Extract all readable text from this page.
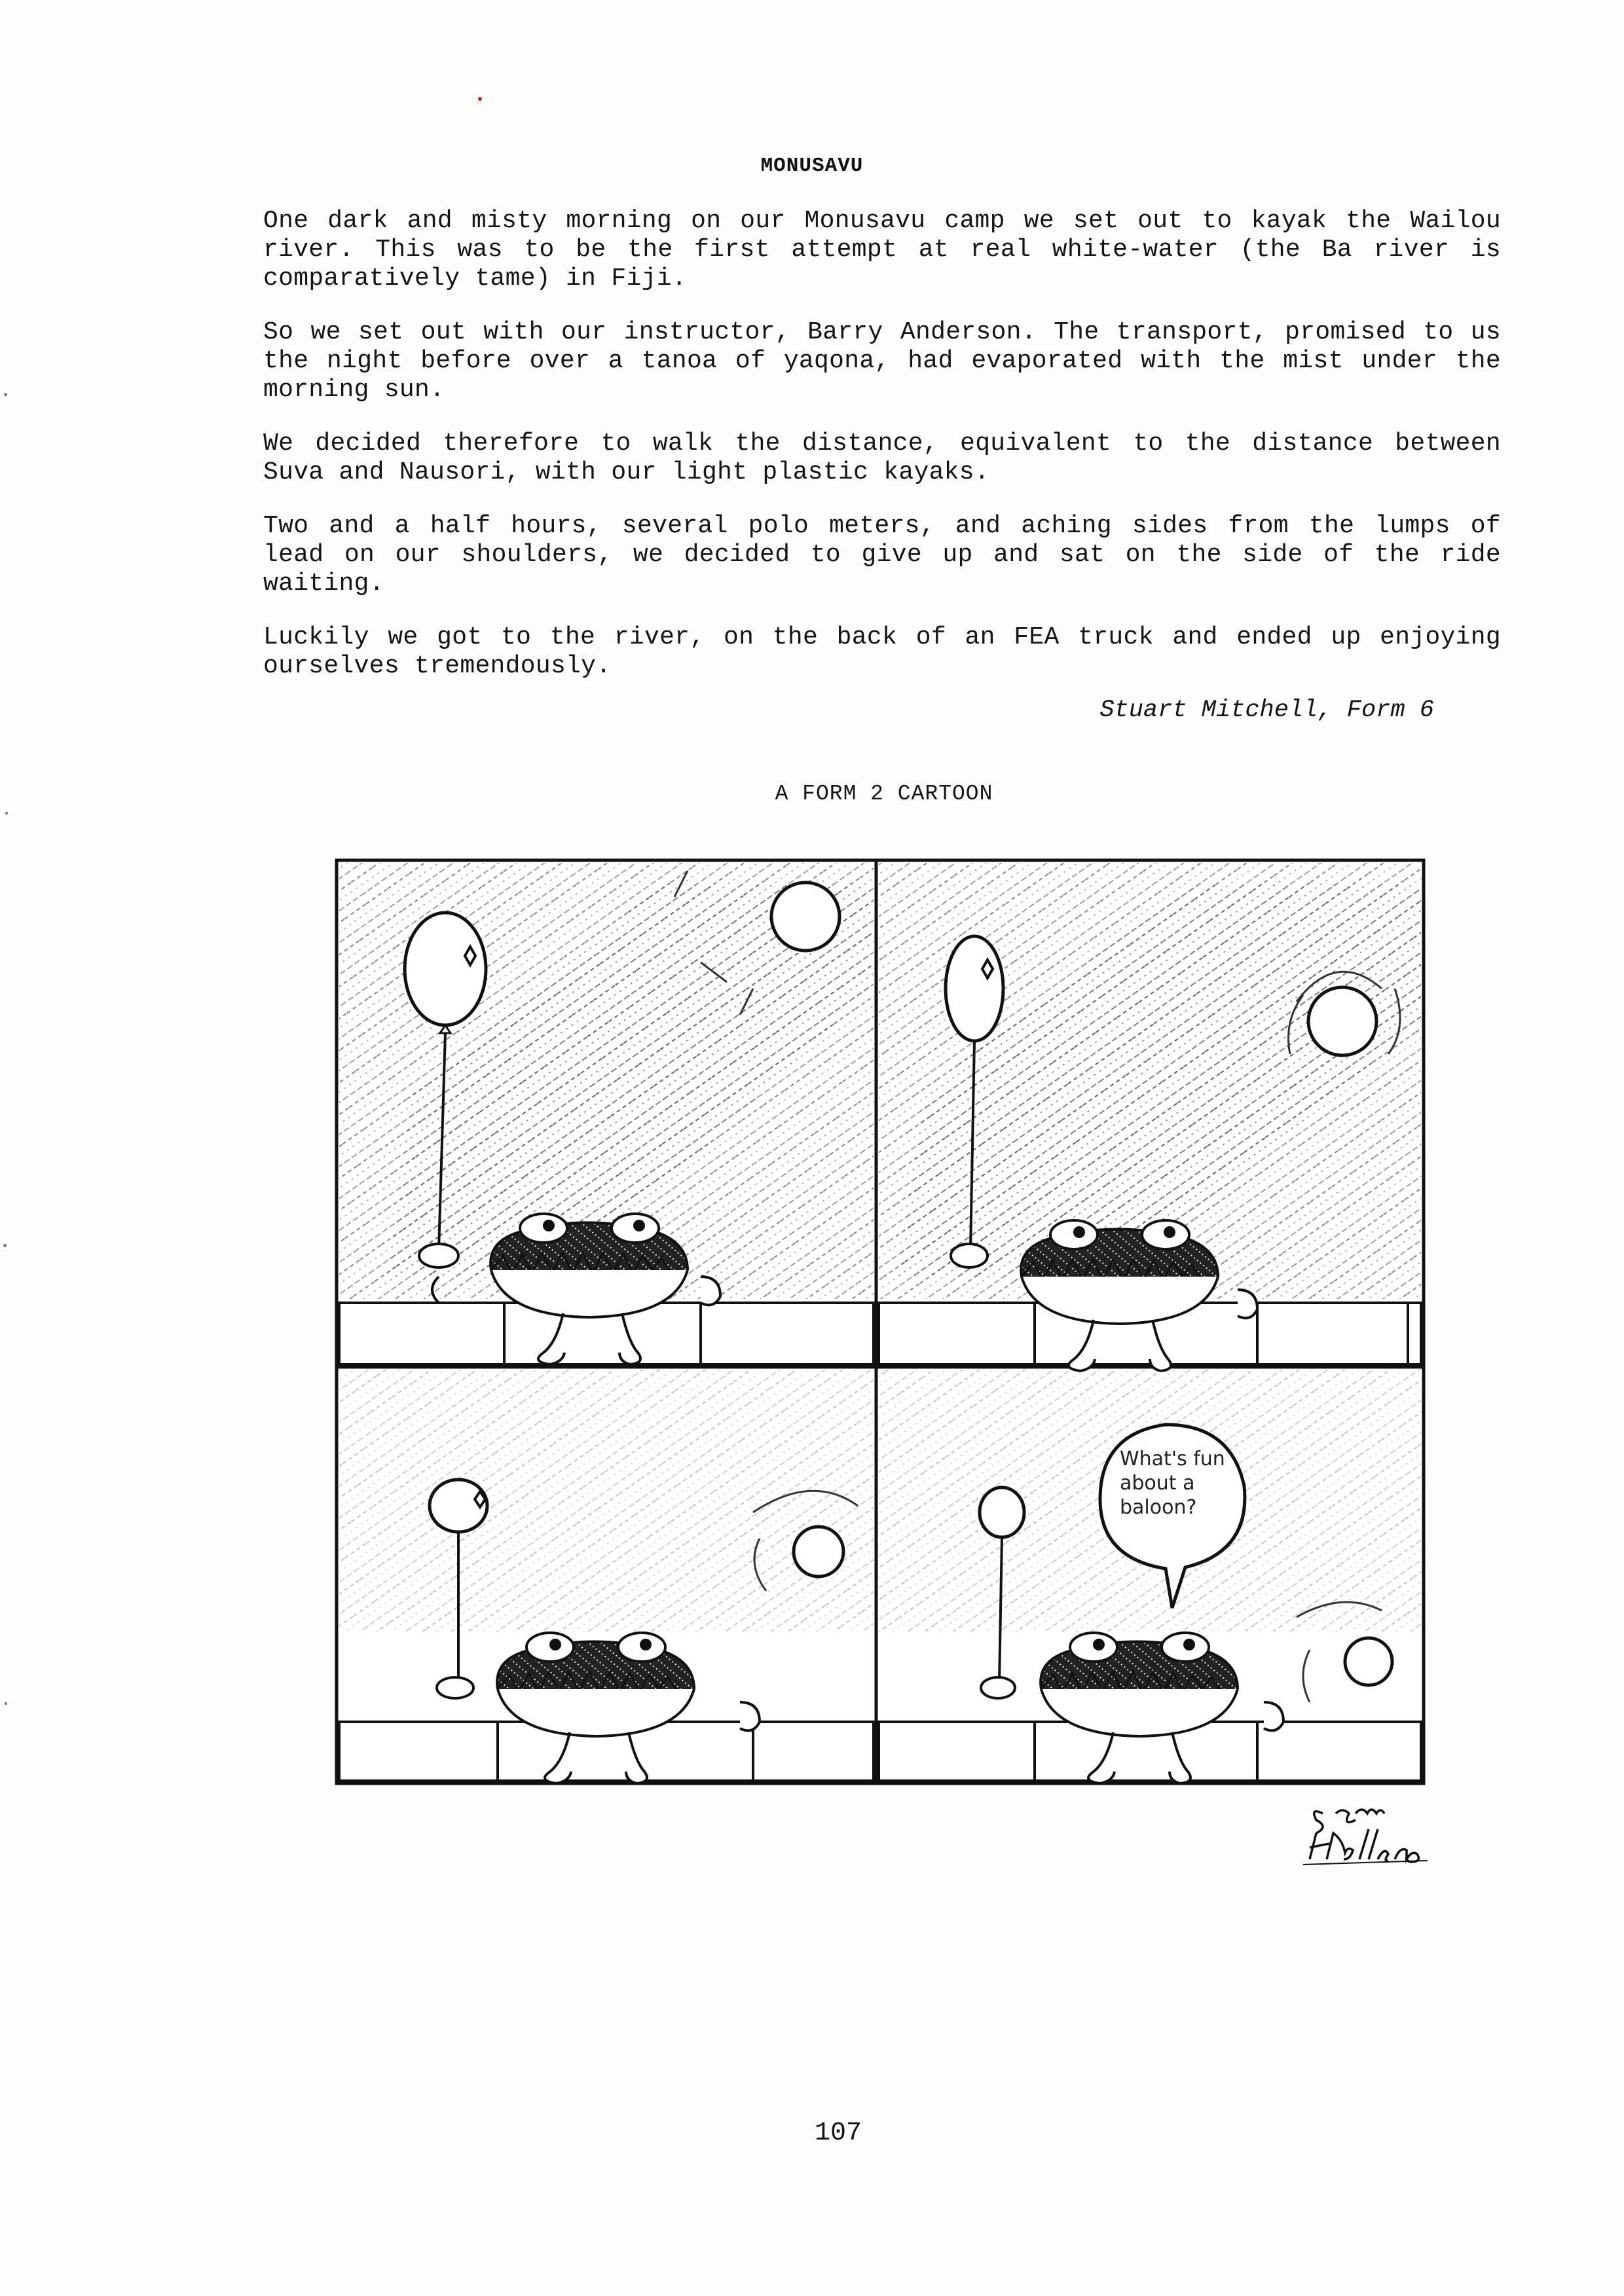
MONUSAVU

One dark and misty morning on our Monusavu camp we set out to kayak the Wailou river. This was to be the first attempt at real white-water (the Ba river is comparatively tame) in Fiji.

So we set out with our instructor, Barry Anderson. The transport, promised to us the night before over a tanoa of yaqona, had evaporated with the mist under the morning sun.

We decided therefore to walk the distance, equivalent to the distance between Suva and Nausori, with our light plastic kayaks.

Two and a half hours, several polo meters, and aching sides from the lumps of lead on our shoulders, we decided to give up and sat on the side of the ride waiting.

Luckily we got to the river, on the back of an FEA truck and ended up enjoying ourselves tremendously.

Stuart Mitchell, Form 6
A FORM 2 CARTOON
What's fun
about a
baloon?
107
